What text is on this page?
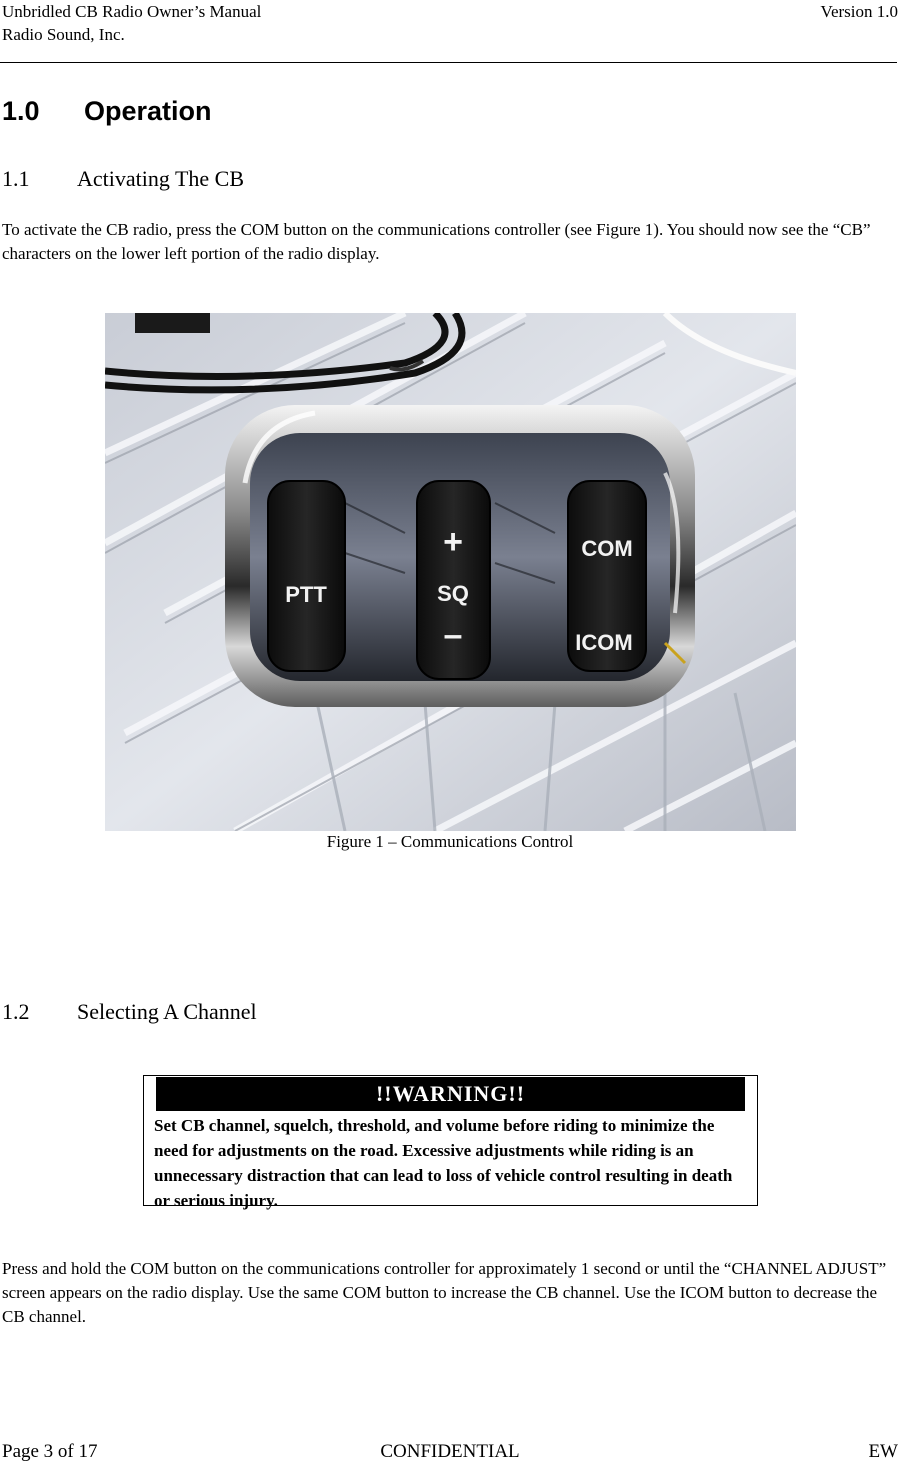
Unbridled CB Radio Owner’s Manual
Radio Sound, Inc.
Version 1.0
1.0 Operation
1.1 Activating The CB
To activate the CB radio, press the COM button on the communications controller (see Figure 1). You should now see the “CB” characters on the lower left portion of the radio display.
PTT
+
SQ
–
COM
ICOM
Figure 1 – Communications Control
1.2 Selecting A Channel
!!WARNING!!
Set CB channel, squelch, threshold, and volume before riding to minimize the need for adjustments on the road. Excessive adjustments while riding is an unnecessary distraction that can lead to loss of vehicle control resulting in death or serious injury.
Press and hold the COM button on the communications controller for approximately 1 second or until the “CHANNEL ADJUST” screen appears on the radio display. Use the same COM button to increase the CB channel. Use the ICOM button to decrease the CB channel.
Page 3 of 17	CONFIDENTIAL	EW
